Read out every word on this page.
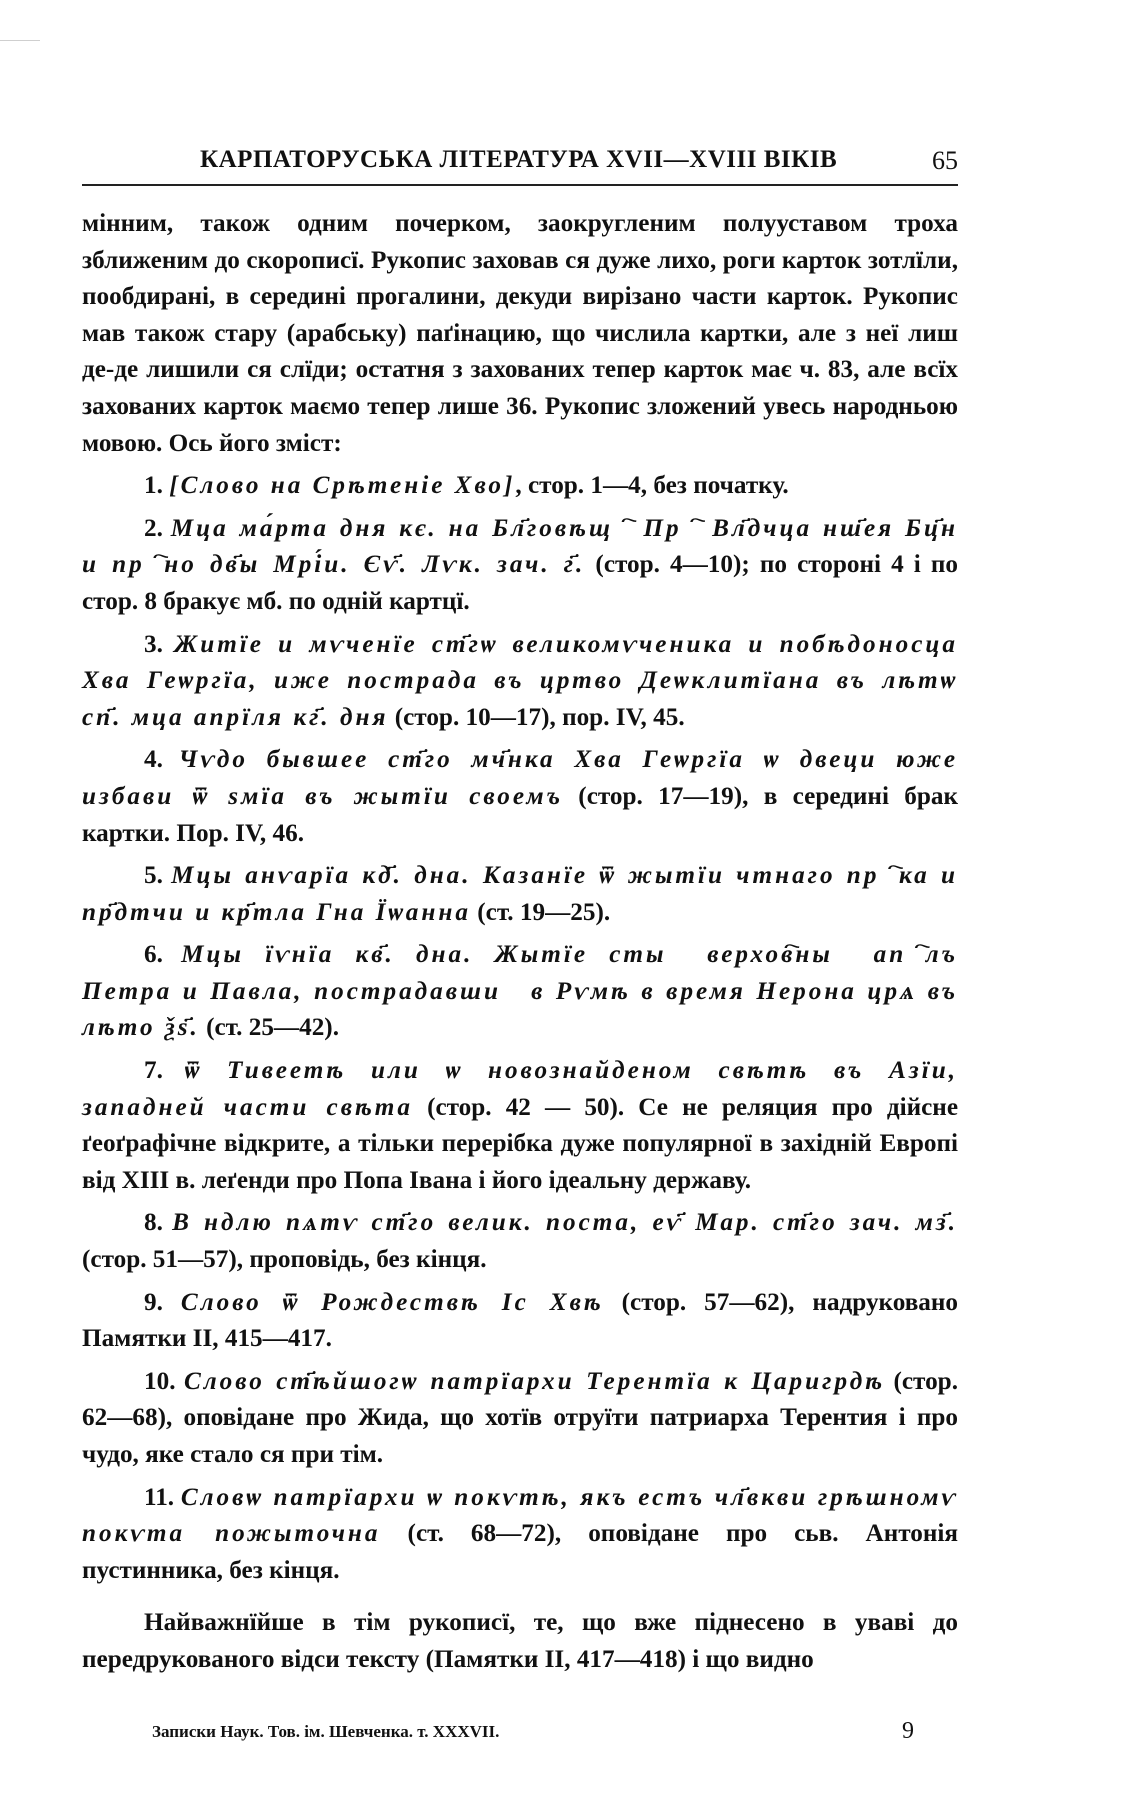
КАРПАТОРУСЬКА ЛІТЕРАТУРА XVII—XVIII ВІКІВ	65

мінним, також одним почерком, заокругленим полууставом троха зближеним до скорописї. Рукопис заховав ся дуже лихо, роги карток зотлїли, пообдирані, в середині прогалини, декуди вирізано части карток. Рукопис мав також стару (арабську) паґінацию, що числила картки, але з неї лиш де-де лишили ся слїди; остатня з захованих тепер карток має ч. 83, але всїх захованих карток маємо тепер лише 36. Рукопис зложений увесь народньою мовою. Ось його зміст:

1. [Слово на Срѣтеніе Хво], стор. 1—4, без початку.

2. Мца ма́рта дня кє. на Бл҃говѣщⷩ҇ Прⷭ҇ Вл҃дчца нш҃ея Бц҃н и прⷭ҇но дв҃ы Мрі́и. Єѵ҃. Лѵк. зач. г҃. (стор. 4—10); по стороні 4 і по стор. 8 бракує мб. по одній картцї.

3. Житїе и мѵченїе ст҃гѡ великомѵченика и побѣдоносца Хва Геѡргїа, иже пострада въ цртво Деѡклитїана въ лѣтѡ сп҃. мца апрїля кг҃. дня (стор. 10—17), пор. IV, 45.

4. Чѵдо бывшее ст҃го мч҃нка Хва Геѡргїа ѡ двеци юже избави ѿ ѕмїа въ жытїи своемъ (стор. 17—19), в середині брак картки. Пор. IV, 46.

5. Мцы анѵарїа кд҃. дна. Казанїе ѿ жытїи чтнаго прⷬ҇ка и пр҃дтчи и кр҃тла Гна Їѡанна (ст. 19—25).

6. Мцы їѵнїа кв҃. дна. Жытїе стыⷯ верхов҇ныⷯ апⷭ҇лъ Петра и Павла, пострадавшиⷯ в Рѵмѣ в время Нерона црѧ въ лѣто ѯѕ҃. (ст. 25—42).

7. ѿ Тивеетѣ или ѡ новознайденом свѣтѣ въ Азїи, западней части свѣта (стор. 42 — 50). Се не реляция про дійсне ґеоґрафічне відкрите, а тільки перерібка дуже популярної в західній Европі від XIII в. леґенди про Попа Івана і його ідеальну державу.

8. В ндлю пѧтѵ ст҃го велик. поста, еѵ҃ Мар. ст҃го зач. мз҃. (стор. 51—57), проповідь, без кінця.

9. Слово ѿ Рождествѣ Іс Хвѣ (стор. 57—62), надруковано Памятки II, 415—417.

10. Слово ст҃ѣйшогѡ патрїархи Терентїа к Царигрдѣ (стор. 62—68), оповідане про Жида, що хотїв отруїти патриарха Терентия і про чудо, яке стало ся при тім.

11. Словѡ патрїархи ѡ покѵтѣ, якъ естъ чл҃вкви грѣшномѵ покѵта пожыточна (ст. 68—72), оповідане про сьв. Антонія пустинника, без кінця.

Найважнїйше в тім рукописї, те, що вже піднесено в уваві до передрукованого відси тексту (Памятки II, 417—418) і що видно

Записки Наук. Тов. ім. Шевченка. т. XXXVII.	9
